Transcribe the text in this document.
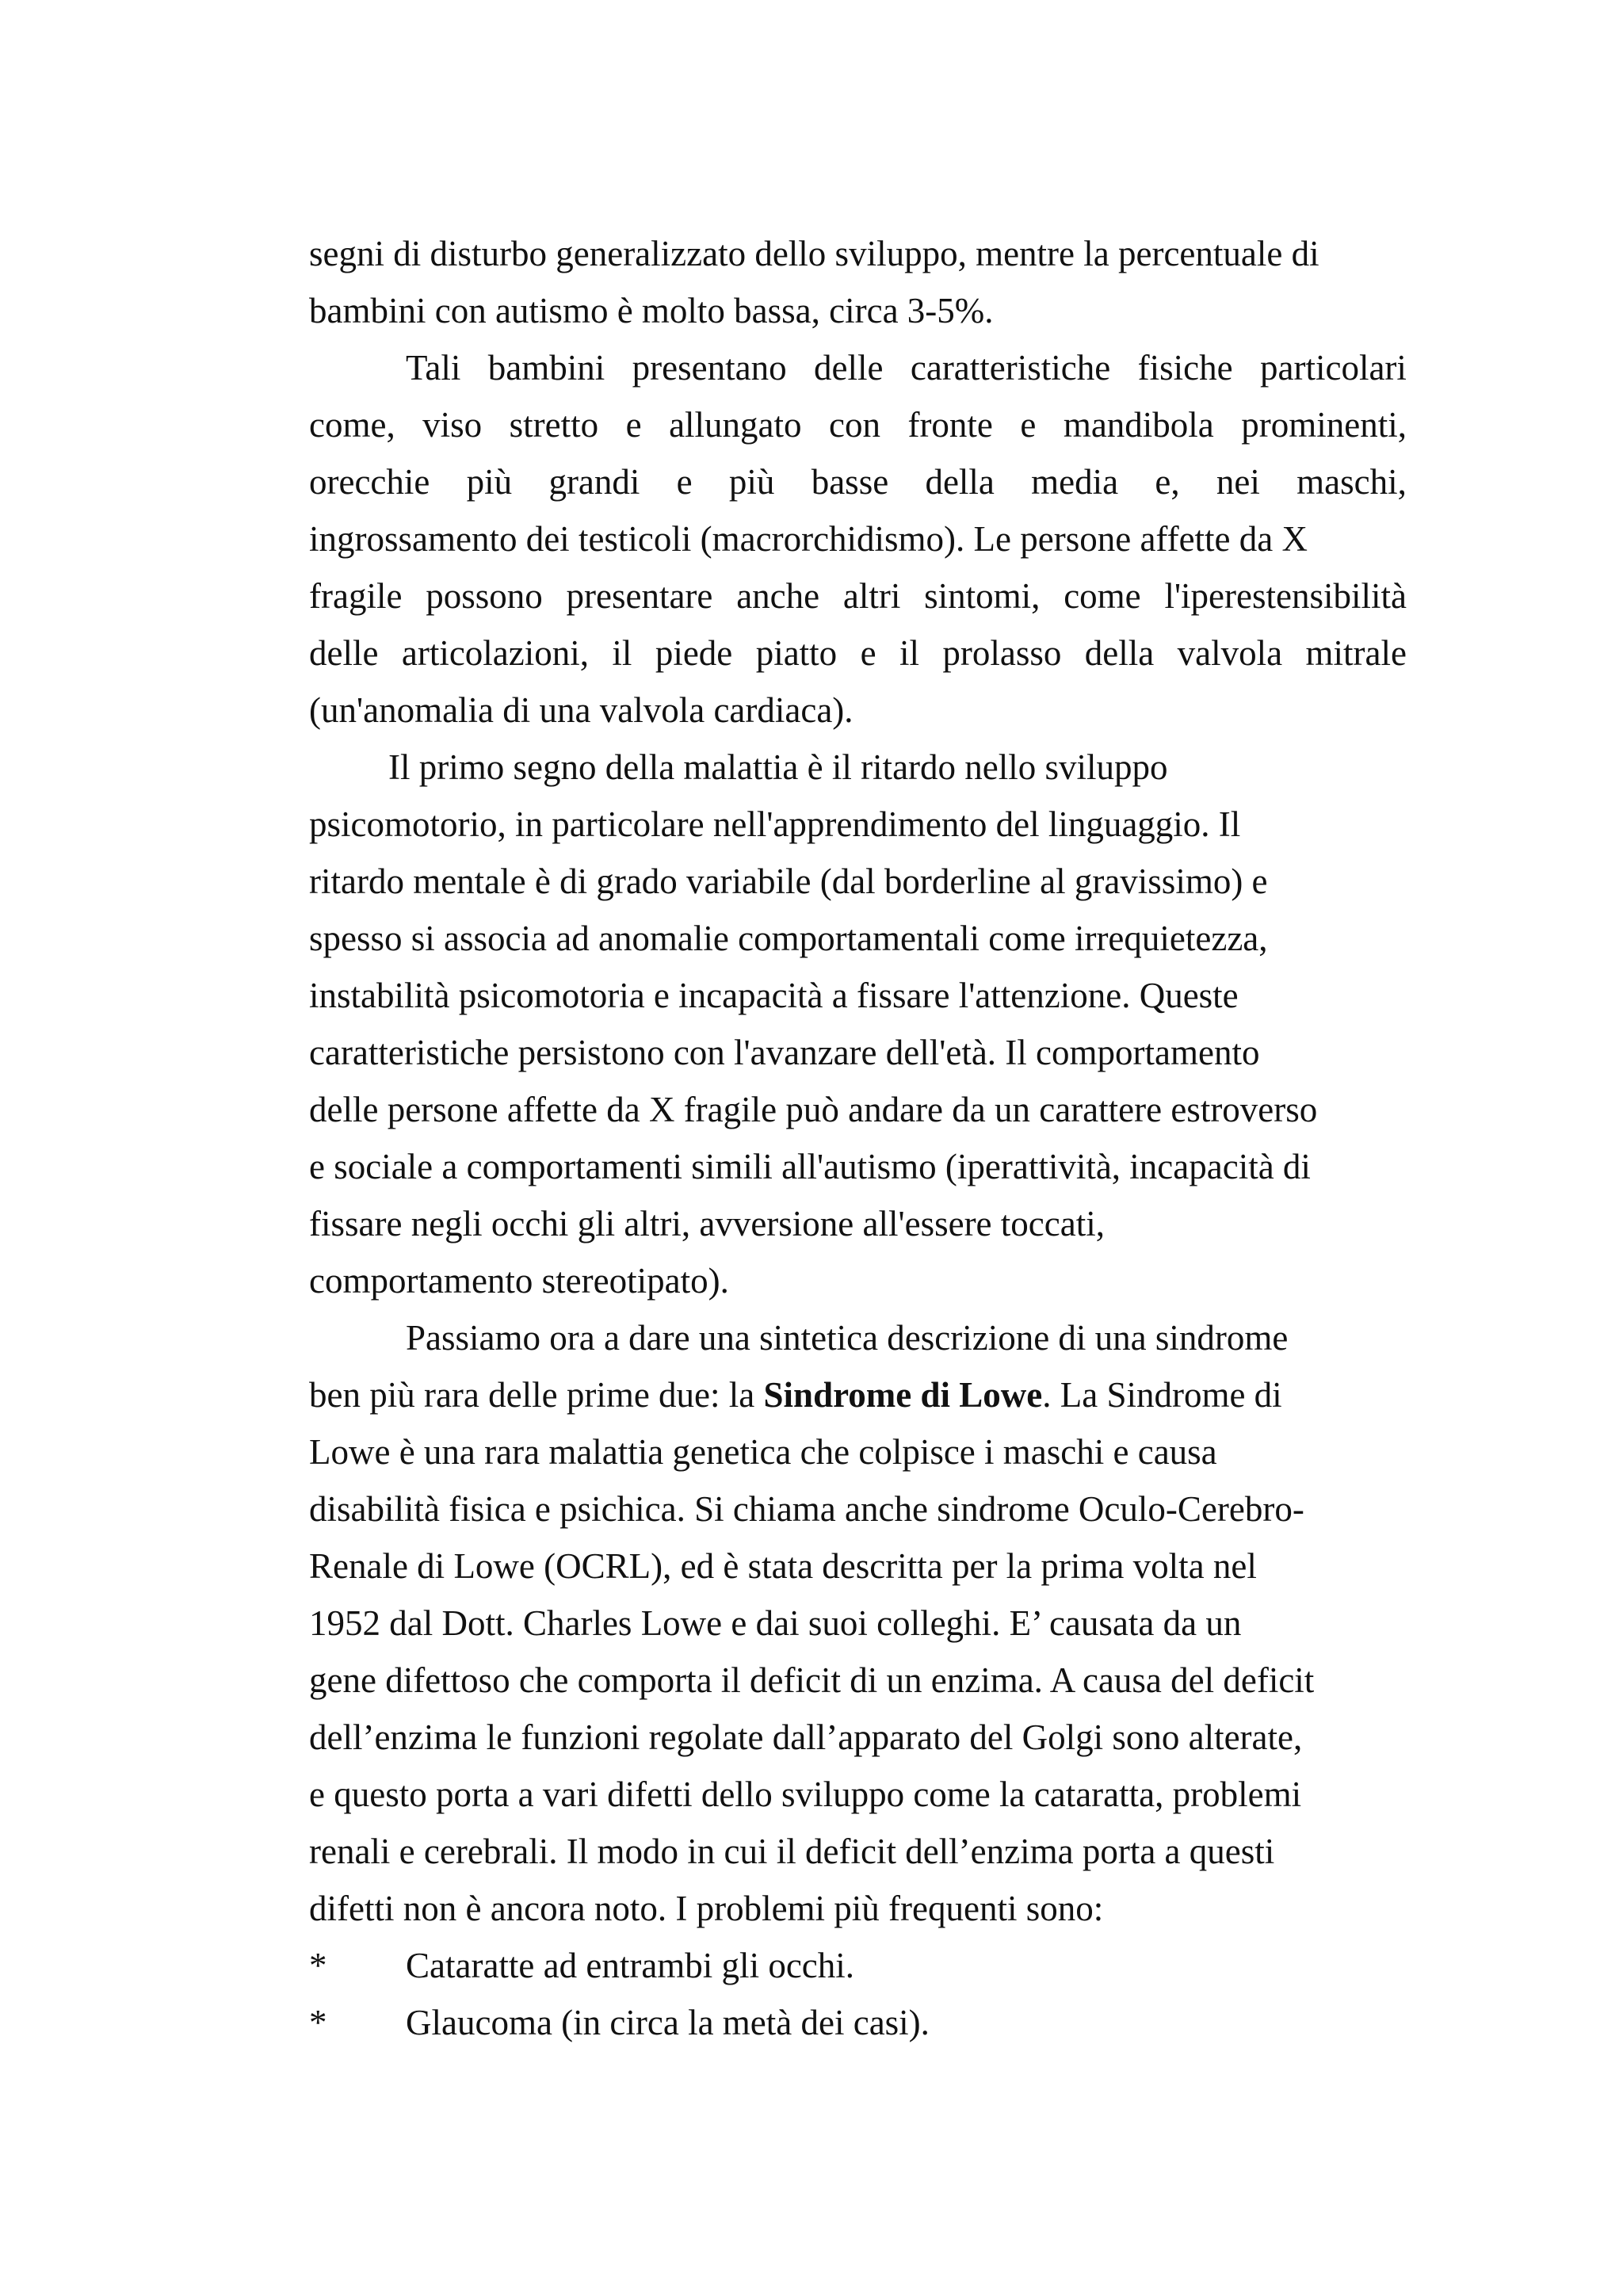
segni di disturbo generalizzato dello sviluppo, mentre la percentuale di
bambini con autismo è molto bassa, circa 3-5%.
Tali bambini presentano delle caratteristiche fisiche particolari
come, viso stretto e allungato con fronte e mandibola prominenti,
orecchie più grandi e più basse della media e, nei maschi,
ingrossamento dei testicoli (macrorchidismo). Le persone affette da X
fragile possono presentare anche altri sintomi, come l'iperestensibilità
delle articolazioni, il piede piatto e il prolasso della valvola mitrale
(un'anomalia di una valvola cardiaca).
Il primo segno della malattia è il ritardo nello sviluppo
psicomotorio, in particolare nell'apprendimento del linguaggio. Il
ritardo mentale è di grado variabile (dal borderline al gravissimo) e
spesso si associa ad anomalie comportamentali come irrequietezza,
instabilità psicomotoria e incapacità a fissare l'attenzione. Queste
caratteristiche persistono con l'avanzare dell'età. Il comportamento
delle persone affette da X fragile può andare da un carattere estroverso
e sociale a comportamenti simili all'autismo (iperattività, incapacità di
fissare negli occhi gli altri, avversione all'essere toccati,
comportamento stereotipato).
Passiamo ora a dare una sintetica descrizione di una sindrome
ben più rara delle prime due: la Sindrome di Lowe. La Sindrome di
Lowe è una rara malattia genetica che colpisce i maschi e causa
disabilità fisica e psichica. Si chiama anche sindrome Oculo-Cerebro-
Renale di Lowe (OCRL), ed è stata descritta per la prima volta nel
1952 dal Dott. Charles Lowe e dai suoi colleghi. E’ causata da un
gene difettoso che comporta il deficit di un enzima. A causa del deficit
dell’enzima le funzioni regolate dall’apparato del Golgi sono alterate,
e questo porta a vari difetti dello sviluppo come la cataratta, problemi
renali e cerebrali. Il modo in cui il deficit dell’enzima porta a questi
difetti non è ancora noto. I problemi più frequenti sono:
*	Cataratte ad entrambi gli occhi.
*	Glaucoma (in circa la metà dei casi).
